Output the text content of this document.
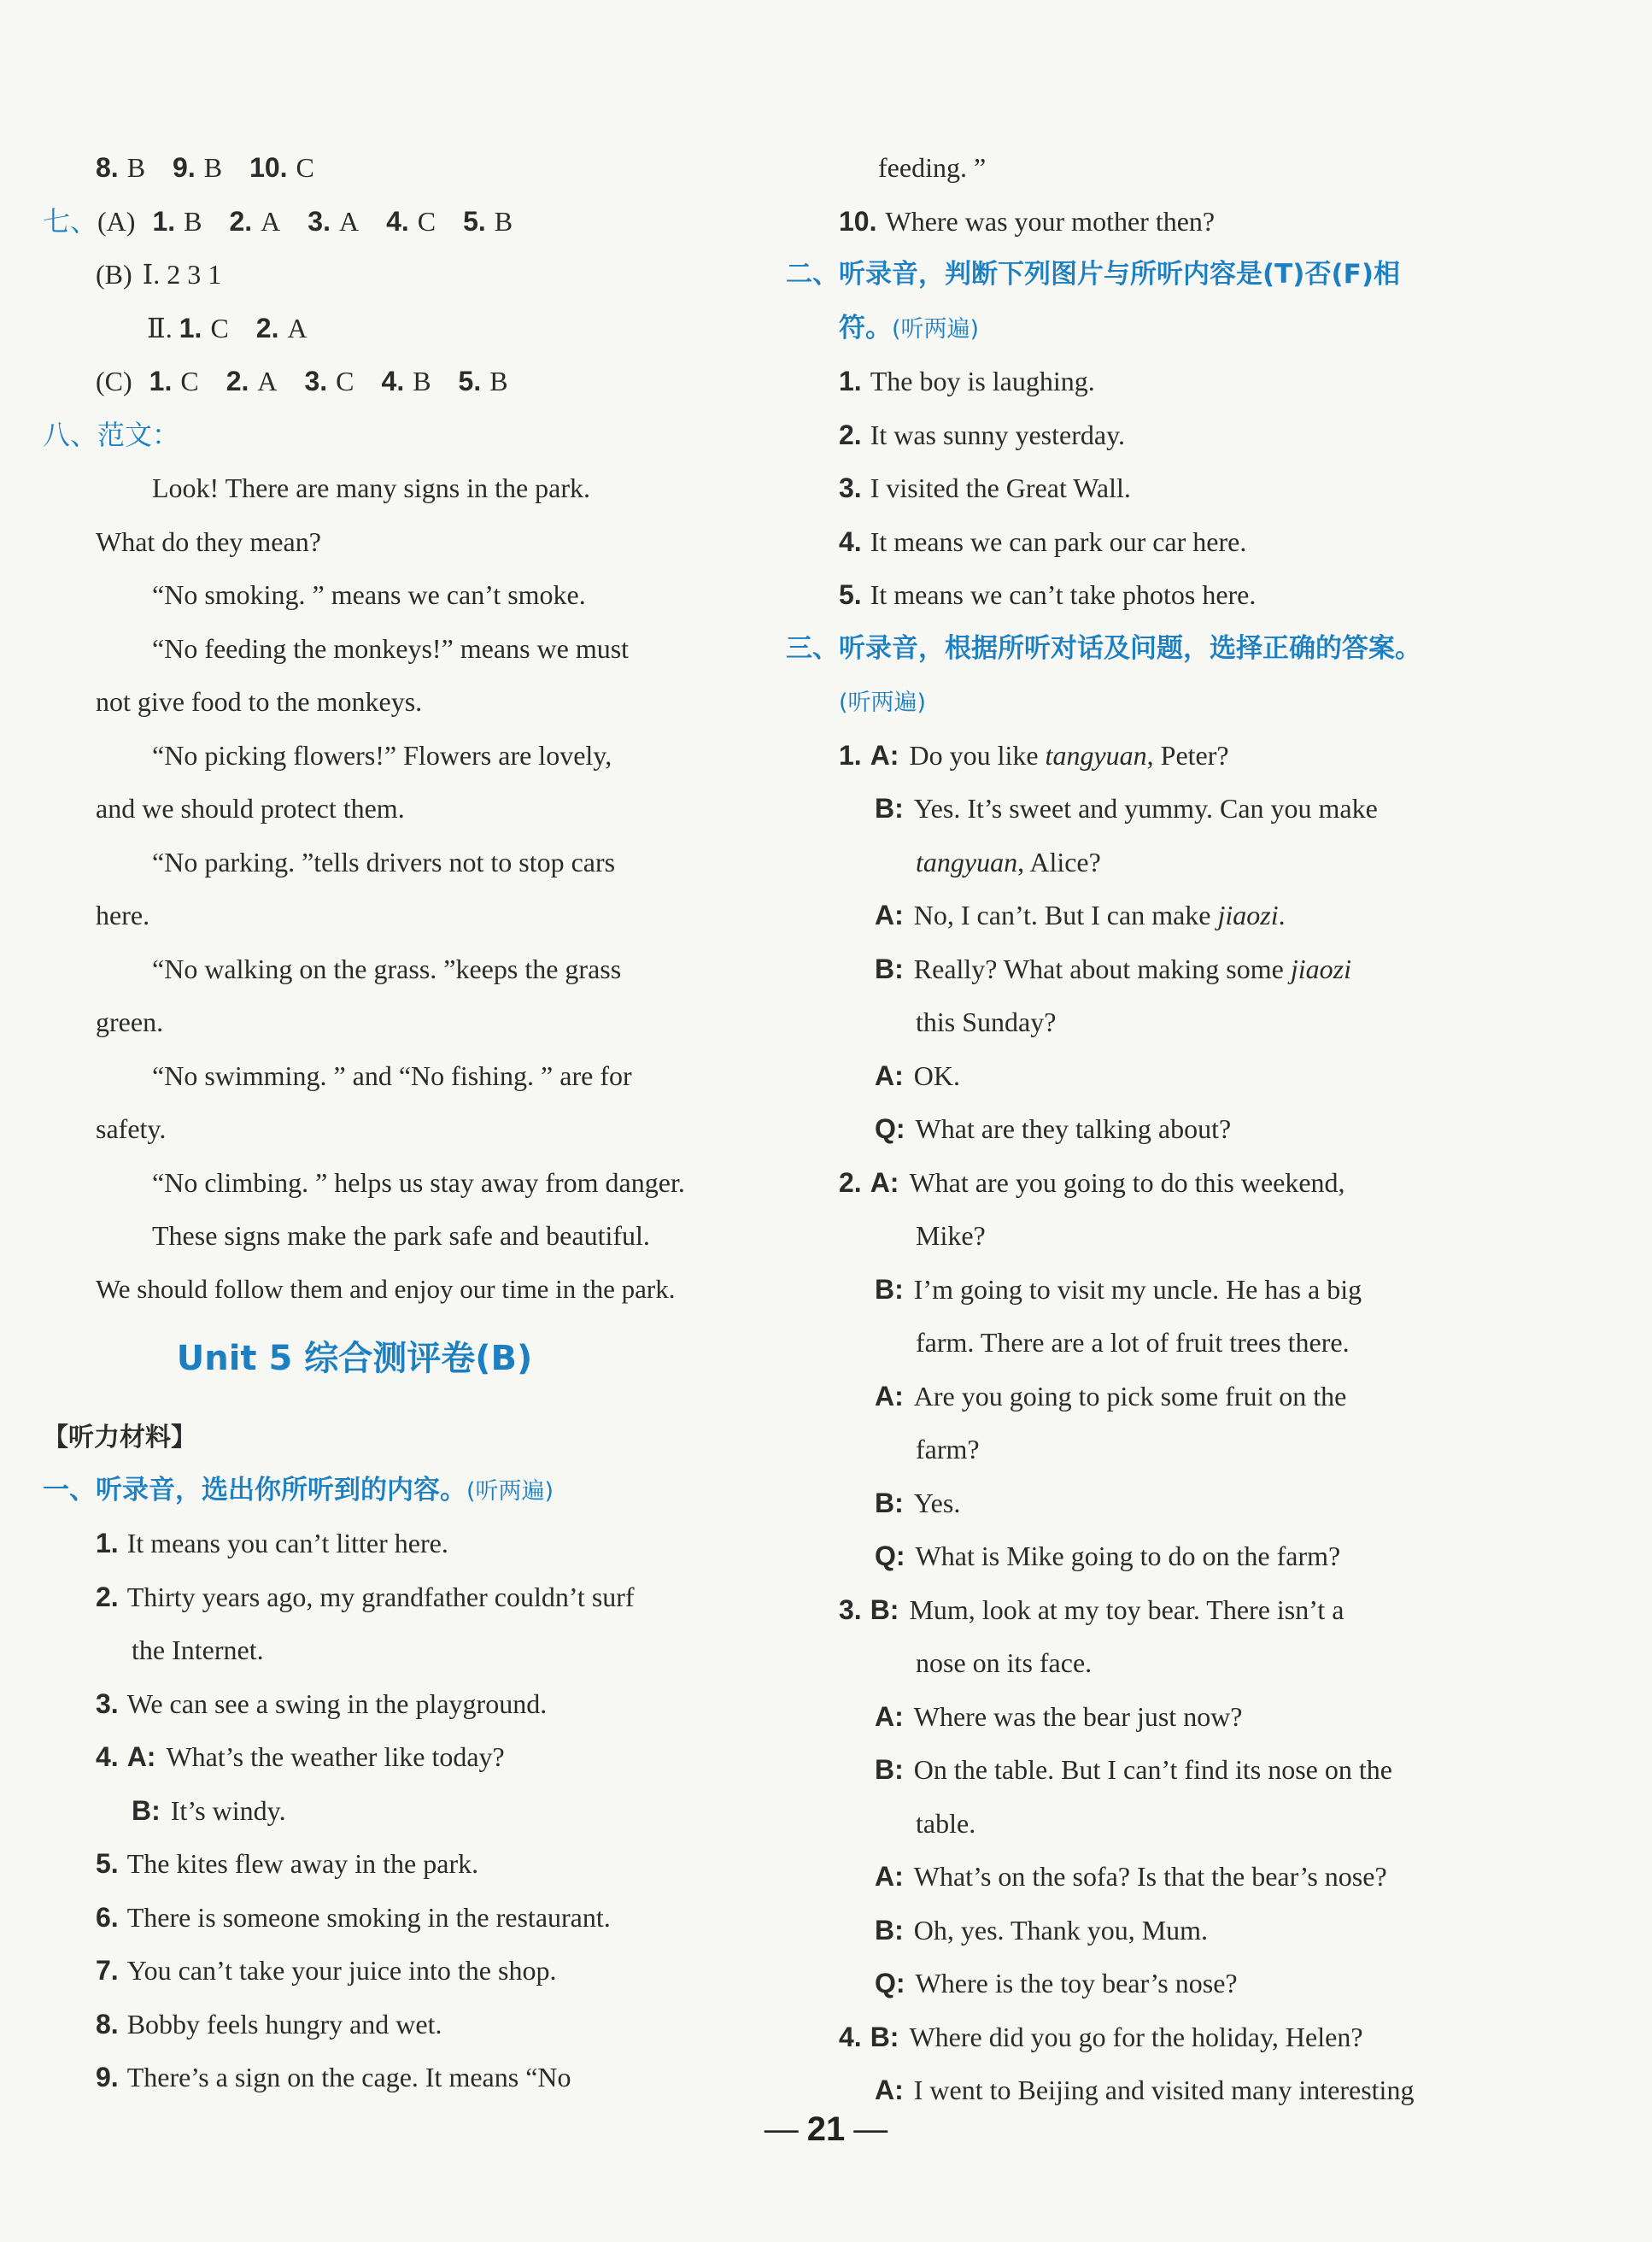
8. B 9. B 10. C
七、(A) 1. B 2. A 3. A 4. C 5. B
(B) Ⅰ. 2 3 1
Ⅱ. 1. C 2. A
(C) 1. C 2. A 3. C 4. B 5. B
八、范文：
Look! There are many signs in the park.
What do they mean?
“No smoking. ” means we can’t smoke.
“No feeding the monkeys!” means we must
not give food to the monkeys.
“No picking flowers!” Flowers are lovely,
and we should protect them.
“No parking. ”tells drivers not to stop cars
here.
“No walking on the grass. ”keeps the grass
green.
“No swimming. ” and “No fishing. ” are for
safety.
“No climbing. ” helps us stay away from danger.
These signs make the park safe and beautiful.
We should follow them and enjoy our time in the park.
Unit 5 综合测评卷(B)
【听力材料】
一、听录音，选出你所听到的内容。(听两遍)
1. It means you can’t litter here.
2. Thirty years ago, my grandfather couldn’t surf
the Internet.
3. We can see a swing in the playground.
4. A: What’s the weather like today?
B: It’s windy.
5. The kites flew away in the park.
6. There is someone smoking in the restaurant.
7. You can’t take your juice into the shop.
8. Bobby feels hungry and wet.
9. There’s a sign on the cage. It means “No
feeding. ”
10. Where was your mother then?
二、听录音，判断下列图片与所听内容是(T)否(F)相
符。(听两遍)
1. The boy is laughing.
2. It was sunny yesterday.
3. I visited the Great Wall.
4. It means we can park our car here.
5. It means we can’t take photos here.
三、听录音，根据所听对话及问题，选择正确的答案。
(听两遍)
1. A: Do you like tangyuan, Peter?
B: Yes. It’s sweet and yummy. Can you make
tangyuan, Alice?
A: No, I can’t. But I can make jiaozi.
B: Really? What about making some jiaozi
this Sunday?
A: OK.
Q: What are they talking about?
2. A: What are you going to do this weekend,
Mike?
B: I’m going to visit my uncle. He has a big
farm. There are a lot of fruit trees there.
A: Are you going to pick some fruit on the
farm?
B: Yes.
Q: What is Mike going to do on the farm?
3. B: Mum, look at my toy bear. There isn’t a
nose on its face.
A: Where was the bear just now?
B: On the table. But I can’t find its nose on the
table.
A: What’s on the sofa? Is that the bear’s nose?
B: Oh, yes. Thank you, Mum.
Q: Where is the toy bear’s nose?
4. B: Where did you go for the holiday, Helen?
A: I went to Beijing and visited many interesting
— 21 —
